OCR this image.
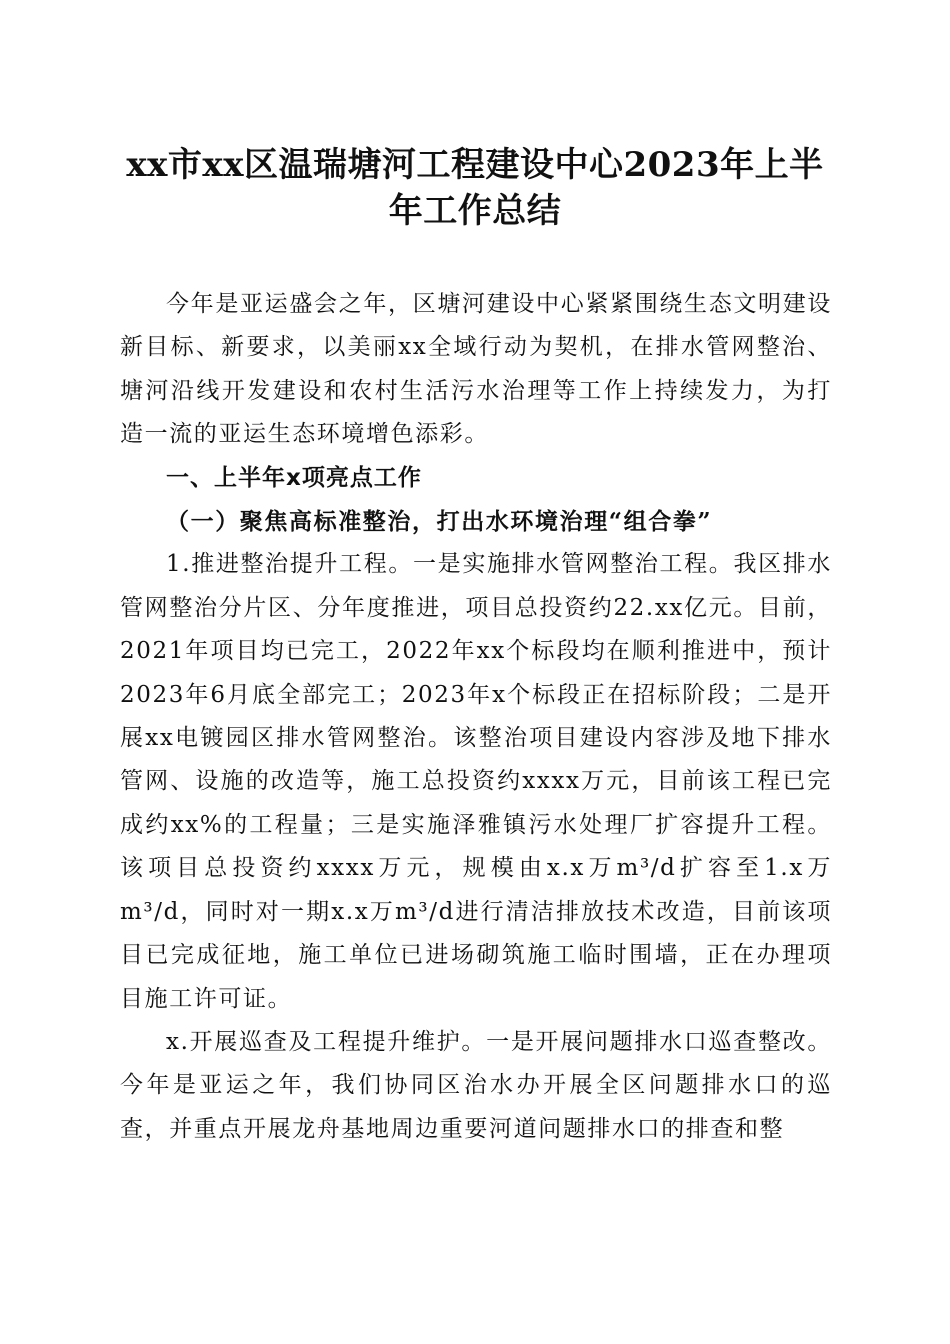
xx市xx区温瑞塘河工程建设中心2023年上半
年工作总结

今年是亚运盛会之年，区塘河建设中心紧紧围绕生态文明建设新目标、新要求，以美丽xx全域行动为契机，在排水管网整治、塘河沿线开发建设和农村生活污水治理等工作上持续发力，为打造一流的亚运生态环境增色添彩。

一、上半年x项亮点工作

（一）聚焦高标准整治，打出水环境治理“组合拳”

1.推进整治提升工程。一是实施排水管网整治工程。我区排水管网整治分片区、分年度推进，项目总投资约22.xx亿元。目前，2021年项目均已完工，2022年xx个标段均在顺利推进中，预计2023年6月底全部完工；2023年x个标段正在招标阶段；二是开展xx电镀园区排水管网整治。该整治项目建设内容涉及地下排水管网、设施的改造等，施工总投资约xxxx万元，目前该工程已完成约xx%的工程量；三是实施泽雅镇污水处理厂扩容提升工程。该项目总投资约xxxx万元，规模由x.x万m³/d扩容至1.x万m³/d，同时对一期x.x万m³/d进行清洁排放技术改造，目前该项目已完成征地，施工单位已进场砌筑施工临时围墙，正在办理项目施工许可证。

x.开展巡查及工程提升维护。一是开展问题排水口巡查整改。今年是亚运之年，我们协同区治水办开展全区问题排水口的巡查，并重点开展龙舟基地周边重要河道问题排水口的排查和整
